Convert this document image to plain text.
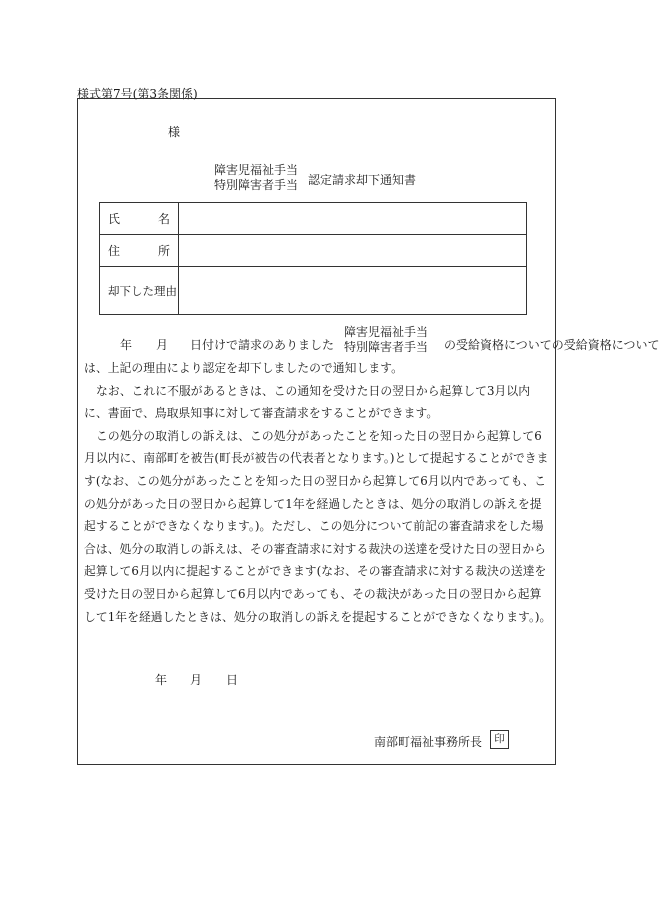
様式第7号(第3条関係)
様
障害児福祉手当
特別障害者手当 認定請求却下通知書
氏 名	

住 所	

却下した理由	
年 月 日付けで請求のありました
障害児福祉手当
特別障害者手当 の受給資格についての受給資格について

は、上記の理由により認定を却下しましたので通知します。

なお、これに不服があるときは、この通知を受けた日の翌日から起算して3月以内に、書面で、鳥取県知事に対して審査請求をすることができます。

この処分の取消しの訴えは、この処分があったことを知った日の翌日から起算して6月以内に、南部町を被告(町長が被告の代表者となります。)として提起することができます(なお、この処分があったことを知った日の翌日から起算して6月以内であっても、この処分があった日の翌日から起算して1年を経過したときは、処分の取消しの訴えを提起することができなくなります。)。ただし、この処分について前記の審査請求をした場合は、処分の取消しの訴えは、その審査請求に対する裁決の送達を受けた日の翌日から起算して6月以内に提起することができます(なお、その審査請求に対する裁決の送達を受けた日の翌日から起算して6月以内であっても、その裁決があった日の翌日から起算して1年を経過したときは、処分の取消しの訴えを提起することができなくなります。)。

年 月 日
南部町福祉事務所長	印
